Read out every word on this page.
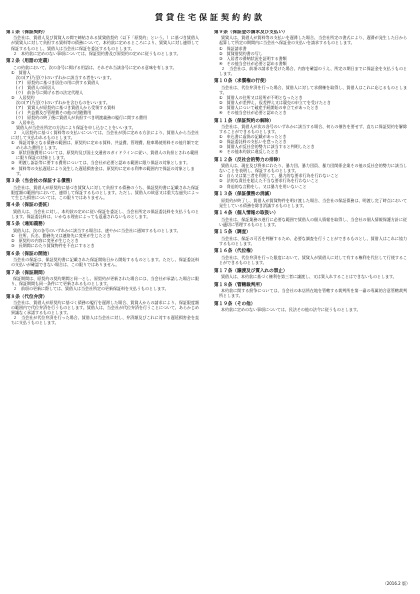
賃貸住宅保証契約約款

第１条（保証契約）

当会社は、賃借人及び賃貸人の間で締結される賃貸借契約（以下「原契約」という。）に基づき賃借人が賃貸人に対して負担する賃料等の債務について、本約款に定めるところにより、賃貸人に対し連帯して保証するものとし、賃借人は当会社に保証を委託するものとします。

２　本約款に定めのない事項については、保証契約書及び原契約の定めに従うものとします。

第２条（用語の定義）

この約款において、次の各号に掲げる用語は、それぞれ当該各号に定める意味を有します。

①　賃借人

次の(ア)乃至(ウ)のいずれかに該当する者をいいます。

(ア)　原契約に基づき居住の用に供する賃借人

(イ)　賃借人の同居人

(ウ)　前各号に掲げる者の法定代理人

②　入居契約

次の(ア)乃至(ウ)のいずれかを含むものをいいます。

(ア)　賃貸人が原契約に基づき賃借人から受領する賃料

(イ)　共益費及び管理費その他の付随費用

(ウ)　原契約の終了後に賃借人が負担すべき明渡義務の履行に関する費用

③　入居申込

賃借人が当会社所定の方法により保証を申し込むことをいいます。

２　入居契約に基づく賃料等の支払いについては、当会社が別に定める方法により、賃借人から当会社に対して支払われるものとします。

①　保証対象となる債務の範囲は、原契約に定める賃料、共益費、管理費、駐車場使用料その他月額で定められた費用とします。

②　原状回復費用については、原契約及び国土交通省のガイドラインに従い、賃借人の負担とされる範囲に限り保証の対象とします。

③　明渡し訴訟等に要する費用については、当会社が必要と認める範囲に限り保証の対象とします。

④　賃料等の支払遅延により発生した遅延損害金は、原契約に定める利率の範囲内で保証の対象とします。

第３条（当会社の保証する債務）

当会社は、賃借人が原契約に基づき賃貸人に対して負担する債務のうち、保証契約書に記載された保証限度額の範囲内において、連帯して保証するものとします。ただし、賃借人の故意又は重大な過失によって生じた損害については、この限りではありません。

第４条（保証の委託）

賃借人は、当会社に対し、本約款の定めに従い保証を委託し、当会社所定の保証委託料を支払うものとします。保証委託料は、いかなる理由によっても返還されないものとします。

第５条（通知義務）

賃借人は、次の各号のいずれかに該当する場合は、速やかに当会社に通知するものとします。

①　住所、氏名、勤務先又は連絡先に変更が生じたとき

②　原契約の内容に変更が生じたとき

③　長期間にわたり賃貸物件を不在にするとき

第６条（保証の開始）

当会社の保証は、保証契約書に記載された保証開始日から開始するものとします。ただし、保証委託料の支払いが確認できない場合は、この限りではありません。

第７条（保証期間）

保証期間は、原契約の契約期間と同一とし、原契約が更新された場合には、当会社が承諾した場合に限り、保証期間も同一条件にて更新されるものとします。

２　前項の更新に際しては、賃借人は当会社所定の更新保証料を支払うものとします。

第８条（代位弁済）

当会社は、賃借人が原契約に基づく債務の履行を遅滞した場合、賃貸人からの請求により、保証限度額の範囲内で代位弁済を行うものとします。賃借人は、当会社が代位弁済を行うことについて、あらかじめ異議なく承諾するものとします。

２　当会社が代位弁済を行った場合、賃借人は当会社に対し、弁済額及びこれに対する遅延損害金を直ちに支払うものとします。

第９条（保証金の請求及び支払い）

賃貸人は、賃借人が賃料等の支払いを遅滞した場合、当会社所定の書式により、遅滞が発生した日から起算して所定の期間内に当会社へ保証金の支払いを請求するものとします。

①　保証請求書

②　賃貸借契約書の写し

③　入居者の滞納状況を証明する書類

④　その他当会社が必要と認める書類

２　当会社は、前項の請求を受けた場合、内容を確認のうえ、所定の期日までに保証金を支払うものとします。

第１０条（求償権の行使）

当会社は、代位弁済を行った場合、賃借人に対して求償権を取得し、賃借人はこれに応じるものとします。

①　賃借人の住所又は居所が不明となったとき

②　賃借人が差押え、仮差押え又は競売の申立てを受けたとき

③　賃借人について破産手続開始の申立てがあったとき

④　その他当会社が必要と認めたとき

第１１条（保証契約の解除）

当会社は、賃借人が次の各号のいずれかに該当する場合、何らの催告を要せず、直ちに保証契約を解除することができるものとします。

①　申込書に虚偽の記載があったとき

②　保証委託料の支払いを怠ったとき

③　賃借人が反社会的勢力に該当すると判明したとき

④　その他本約款に違反したとき

第１２条（反社会的勢力の排除）

賃借人は、現在及び将来にわたり、暴力団、暴力団員、暴力団関係企業その他の反社会的勢力に該当しないことを表明し、保証するものとします。

①　自ら又は第三者を利用して、暴力的な要求行為を行わないこと

②　法的な責任を超えた不当な要求行為を行わないこと

③　脅迫的な言動をし、又は暴力を用いないこと

第１３条（保証債務の消滅）

原契約が終了し、賃借人が賃貸物件を明け渡した場合、当会社の保証債務は、明渡し完了時点において発生している債務を除き消滅するものとします。

第１４条（個人情報の取扱い）

当会社は、保証業務の遂行に必要な範囲で賃借人の個人情報を取得し、当会社の個人情報保護方針に従い適切に管理するものとします。

第１５条（調査）

当会社は、保証の可否を判断するため、必要な調査を行うことができるものとし、賃借人はこれに協力するものとします。

第１６条（代位権）

当会社は、代位弁済を行った限度において、賃貸人が賃借人に対して有する権利を代位して行使することができるものとします。

第１７条（譲渡及び質入れの禁止）

賃借人は、本約款に基づく権利を第三者に譲渡し、又は質入れすることはできないものとします。

第１８条（管轄裁判所）

本約款に関する紛争については、当会社の本店所在地を管轄する裁判所を第一審の専属的合意管轄裁判所とします。

第１９条（その他）

本約款に定めのない事項については、民法その他の法令に従うものとします。

（2016.2 版）
